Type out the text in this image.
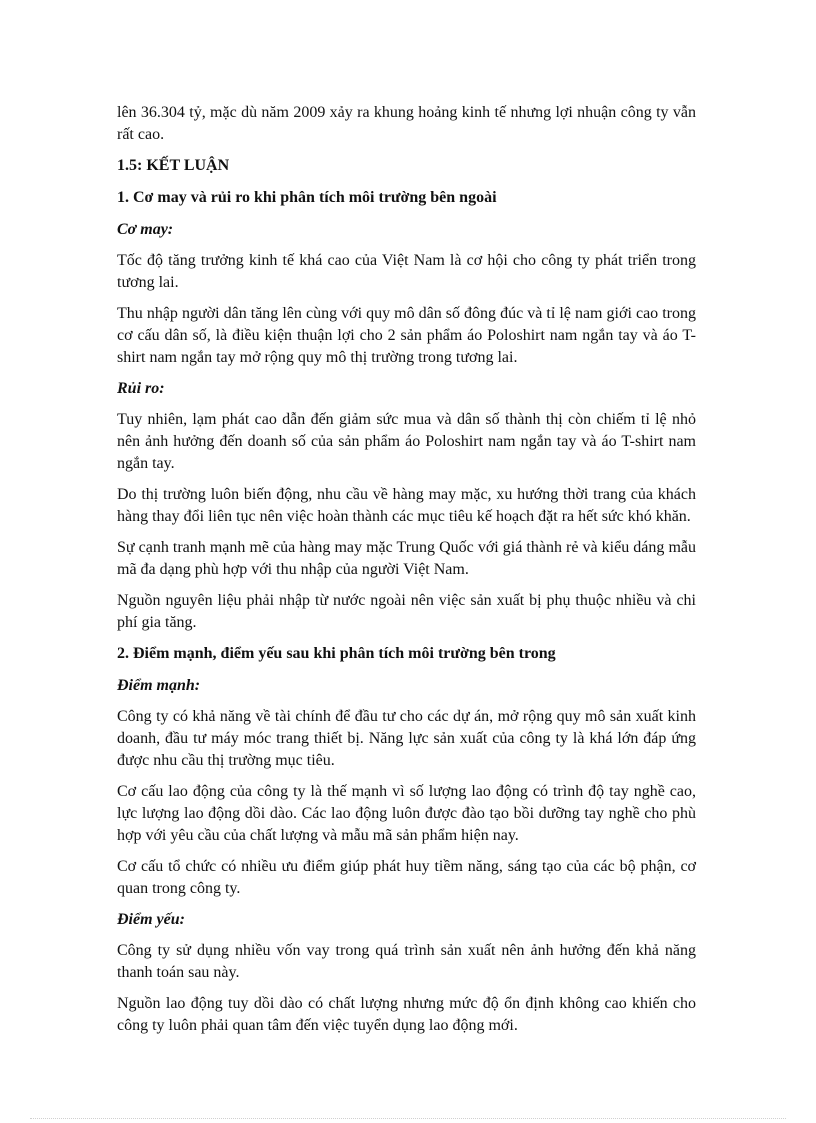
lên 36.304 tỷ, mặc dù năm 2009 xảy ra khung hoảng kinh tế nhưng lợi nhuận công ty vẫn rất cao.

1.5: KẾT LUẬN

1. Cơ may và rủi ro khi phân tích môi trường bên ngoài

Cơ may:

Tốc độ tăng trưởng kinh tế khá cao của Việt Nam là cơ hội cho công ty phát triển trong tương lai.

Thu nhập người dân tăng lên cùng với quy mô dân số đông đúc và tỉ lệ nam giới cao trong cơ cấu dân số, là điều kiện thuận lợi cho 2 sản phẩm áo Poloshirt nam ngắn tay và áo T-shirt nam ngắn tay mở rộng quy mô thị trường trong tương lai.

Rủi ro:

Tuy nhiên, lạm phát cao dẫn đến giảm sức mua và dân số thành thị còn chiếm tỉ lệ nhỏ nên ảnh hưởng đến doanh số của sản phẩm áo Poloshirt nam ngắn tay và áo T-shirt nam ngắn tay.

Do thị trường luôn biến động, nhu cầu về hàng may mặc, xu hướng thời trang của khách hàng thay đổi liên tục nên việc hoàn thành các mục tiêu kế hoạch đặt ra hết sức khó khăn.

Sự cạnh tranh mạnh mẽ của hàng may mặc Trung Quốc với giá thành rẻ và kiểu dáng mẫu mã đa dạng phù hợp với thu nhập của người Việt Nam.

Nguồn nguyên liệu phải nhập từ nước ngoài nên việc sản xuất bị phụ thuộc nhiều và chi phí gia tăng.

2. Điểm mạnh, điểm yếu sau khi phân tích môi trường bên trong

Điểm mạnh:

Công ty có khả năng về tài chính để đầu tư cho các dự án, mở rộng quy mô sản xuất kinh doanh, đầu tư máy móc trang thiết bị. Năng lực sản xuất của công ty là khá lớn đáp ứng được nhu cầu thị trường mục tiêu.

Cơ cấu lao động của công ty là thế mạnh vì số lượng lao động có trình độ tay nghề cao, lực lượng lao động dồi dào. Các lao động luôn được đào tạo bồi dưỡng tay nghề cho phù hợp với yêu cầu của chất lượng và mẫu mã sản phẩm hiện nay.

Cơ cấu tổ chức có nhiều ưu điểm giúp phát huy tiềm năng, sáng tạo của các bộ phận, cơ quan trong công ty.

Điểm yếu:

Công ty sử dụng nhiều vốn vay trong quá trình sản xuất nên ảnh hưởng đến khả năng thanh toán sau này.

Nguồn lao động tuy dồi dào có chất lượng nhưng mức độ ổn định không cao khiến cho công ty luôn phải quan tâm đến việc tuyển dụng lao động mới.
